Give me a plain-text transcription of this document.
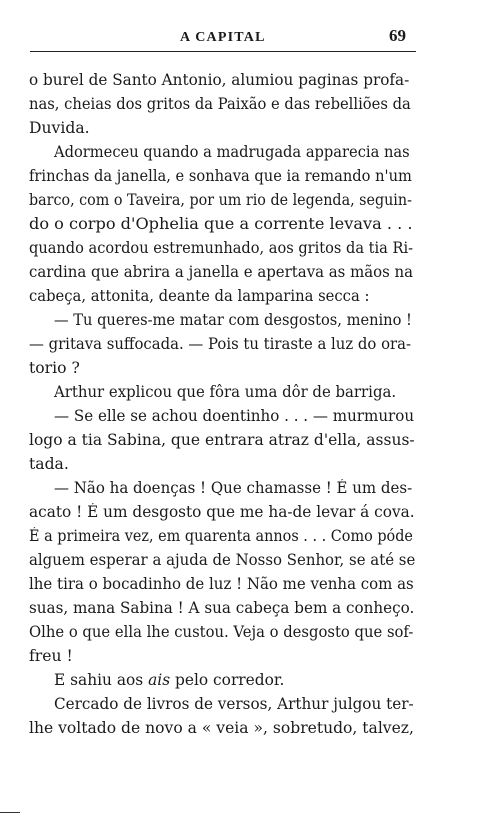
A CAPITAL	69
o burel de Santo Antonio, alumiou paginas profa-
nas, cheias dos gritos da Paixão e das rebelliões da
Duvida.
Adormeceu quando a madrugada apparecia nas
frinchas da janella, e sonhava que ia remando n'um
barco, com o Taveira, por um rio de legenda, seguin-
do o corpo d'Ophelia que a corrente levava . . .
quando acordou estremunhado, aos gritos da tia Ri-
cardina que abrira a janella e apertava as mãos na
cabeça, attonita, deante da lamparina secca :
— Tu queres-me matar com desgostos, menino !
— gritava suffocada. — Pois tu tiraste a luz do ora-
torio ?
Arthur explicou que fôra uma dôr de barriga.
— Se elle se achou doentinho . . . — murmurou
logo a tia Sabina, que entrara atraz d'ella, assus-
tada.
— Não ha doenças ! Que chamasse ! É um des-
acato ! É um desgosto que me ha-de levar á cova.
É a primeira vez, em quarenta annos . . . Como póde
alguem esperar a ajuda de Nosso Senhor, se até se
lhe tira o bocadinho de luz ! Não me venha com as
suas, mana Sabina ! A sua cabeça bem a conheço.
Olhe o que ella lhe custou. Veja o desgosto que sof-
freu !
E sahiu aos ais pelo corredor.
Cercado de livros de versos, Arthur julgou ter-
lhe voltado de novo a « veia », sobretudo, talvez,
